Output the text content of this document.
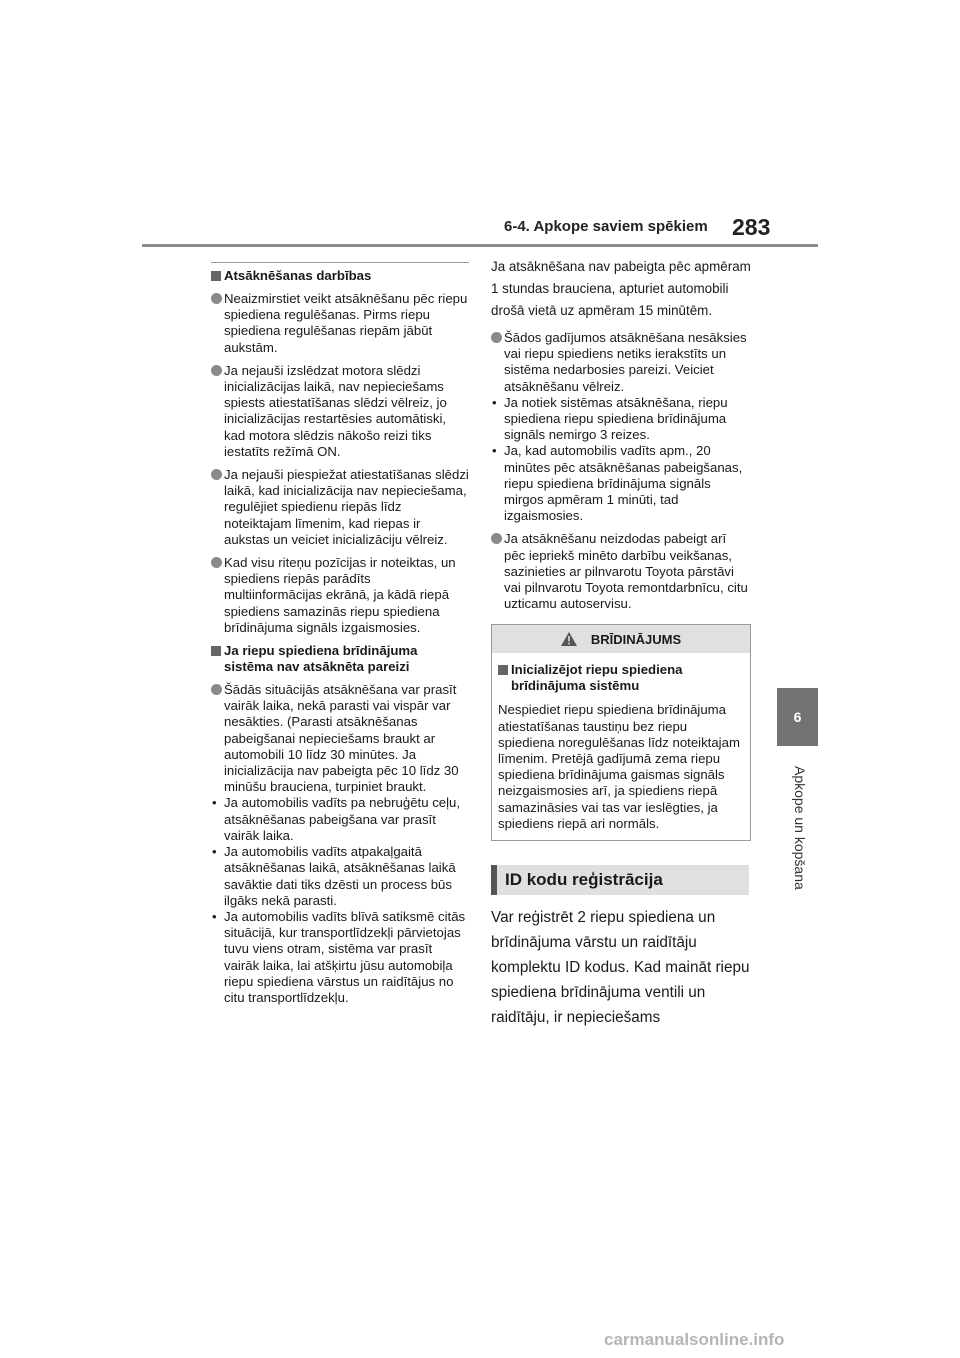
6-4. Apkope saviem spēkiem 283
6
Apkope un kopšana

Atsāknēšanas darbības

Neaizmirstiet veikt atsāknēšanu pēc riepu spiediena regulēšanas. Pirms riepu spiediena regulēšanas riepām jābūt aukstām.

Ja nejauši izslēdzat motora slēdzi inicializācijas laikā, nav nepieciešams spiests atiestatīšanas slēdzi vēlreiz, jo inicializācijas restartēsies automātiski, kad motora slēdzis nākošo reizi tiks iestatīts režīmā ON.

Ja nejauši piespiežat atiestatīšanas slēdzi laikā, kad inicializācija nav nepieciešama, regulējiet spiedienu riepās līdz noteiktajam līmenim, kad riepas ir aukstas un veiciet inicializāciju vēlreiz.

Kad visu riteņu pozīcijas ir noteiktas, un spiediens riepās parādīts multiinformācijas ekrānā, ja kādā riepā spiediens samazinās riepu spiediena brīdinājuma signāls izgaismosies.

Ja riepu spiediena brīdinājuma sistēma nav atsāknēta pareizi

Šādās situācijās atsāknēšana var prasīt vairāk laika, nekā parasti vai vispār var nesākties. (Parasti atsāknēšanas pabeigšanai nepieciešams braukt ar automobili 10 līdz 30 minūtes. Ja inicializācija nav pabeigta pēc 10 līdz 30 minūšu brauciena, turpiniet braukt.

• Ja automobilis vadīts pa nebruģētu ceļu, atsāknēšanas pabeigšana var prasīt vairāk laika.

• Ja automobilis vadīts atpakaļgaitā atsāknēšanas laikā, atsāknēšanas laikā savāktie dati tiks dzēsti un process būs ilgāks nekā parasti.

• Ja automobilis vadīts blīvā satiksmē citās situācijā, kur transportlīdzekļi pārvietojas tuvu viens otram, sistēma var prasīt vairāk laika, lai atšķirtu jūsu automobiļa riepu spiediena vārstus un raidītājus no citu transportlīdzekļu.

Ja atsāknēšana nav pabeigta pēc apmēram 1 stundas brauciena, apturiet automobili drošā vietā uz apmēram 15 minūtēm.

Šādos gadījumos atsāknēšana nesāksies vai riepu spiediens netiks ierakstīts un sistēma nedarbosies pareizi. Veiciet atsāknēšanu vēlreiz.

• Ja notiek sistēmas atsāknēšana, riepu spiediena riepu spiediena brīdinājuma signāls nemirgo 3 reizes.

• Ja, kad automobilis vadīts apm., 20 minūtes pēc atsāknēšanas pabeigšanas, riepu spiediena brīdinājuma signāls mirgos apmēram 1 minūti, tad izgaismosies.

Ja atsāknēšanu neizdodas pabeigt arī pēc iepriekš minēto darbību veikšanas, sazinieties ar pilnvarotu Toyota pārstāvi vai pilnvarotu Toyota remontdarbnīcu, citu uzticamu autoservisu.

BRĪDINĀJUMS

Inicializējot riepu spiediena brīdinājuma sistēmu

Nespiediet riepu spiediena brīdinājuma atiestatīšanas taustiņu bez riepu spiediena noregulēšanas līdz noteiktajam līmenim. Pretējā gadījumā zema riepu spiediena brīdinājuma gaismas signāls neizgaismosies arī, ja spiediens riepā samazināsies vai tas var ieslēgties, ja spiediens riepā ari normāls.

ID kodu reģistrācija

Var reģistrēt 2 riepu spiediena un brīdinājuma vārstu un raidītāju komplektu ID kodus. Kad maināt riepu spiediena brīdinājuma ventili un raidītāju, ir nepieciešams

carmanualsonline.info
